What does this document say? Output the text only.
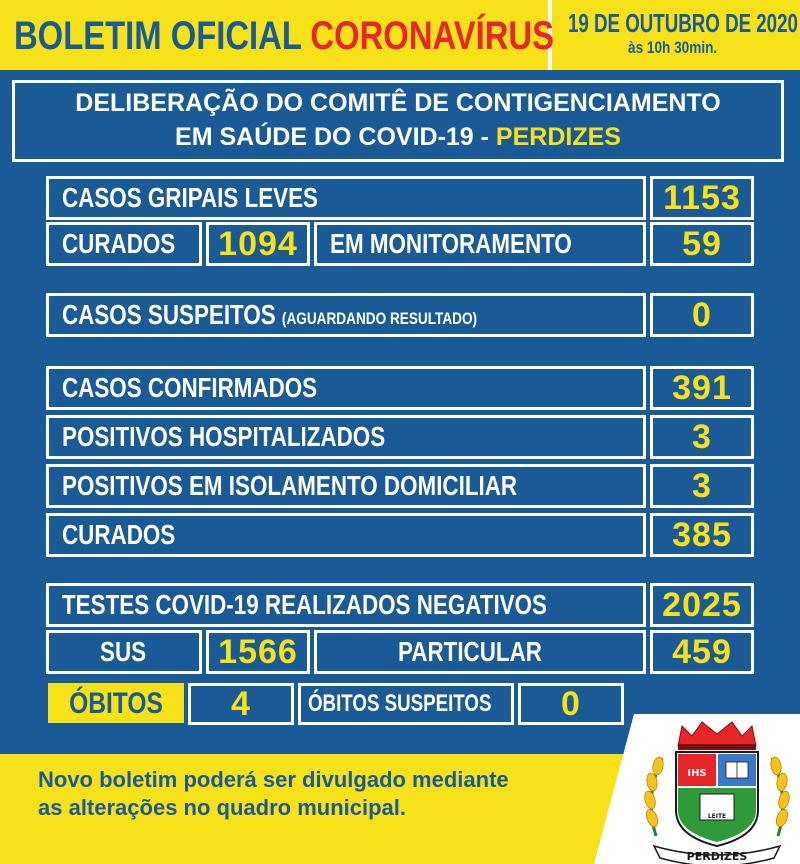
BOLETIM OFICIAL CORONAVÍRUS 19 DE OUTUBRO DE 2020
às 10h 30min.
DELIBERAÇÃO DO COMITÊ DE CONTIGENCIAMENTO
EM SAÚDE DO COVID-19 - PERDIZES
CASOS GRIPAIS LEVES	1153
CURADOS	1094	EM MONITORAMENTO	59
CASOS SUSPEITOS (AGUARDANDO RESULTADO)	0
CASOS CONFIRMADOS	391
POSITIVOS HOSPITALIZADOS	3
POSITIVOS EM ISOLAMENTO DOMICILIAR	3
CURADOS	385
TESTES COVID-19 REALIZADOS NEGATIVOS	2025
SUS	1566	PARTICULAR	459
ÓBITOS	4	ÓBITOS SUSPEITOS	0
Novo boletim poderá ser divulgado mediante
as alterações no quadro municipal.
IHS
LEITE
PERDIZES
